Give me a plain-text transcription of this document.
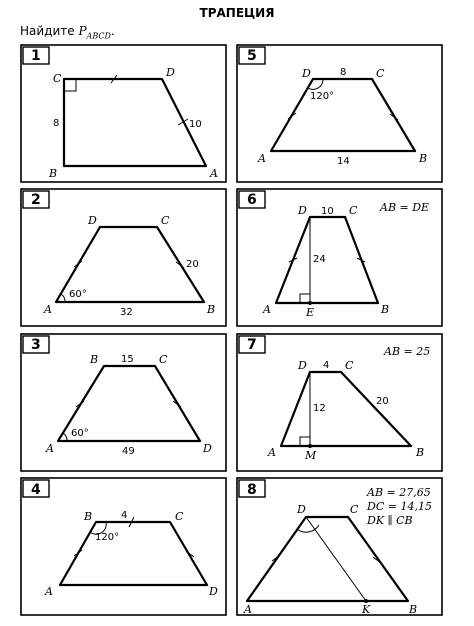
ТРАПЕЦИЯ
Найдите $P_{ABCD}$.
1
C	D
B	A
8	10
2
D	C
A	B
60°
32
20
3
B	C
A	D
15
60°
49
4
B	C
A	D
4
120°
5
D	C
A	B
8
120°
14
6
D	C
A	E	B
10
24
AB = DE
7
D	C
A	M	B
4
12
20
AB = 25
8
D	C
A	K	B
AB = 27,65
DC = 14,15
DK ∥ CB
